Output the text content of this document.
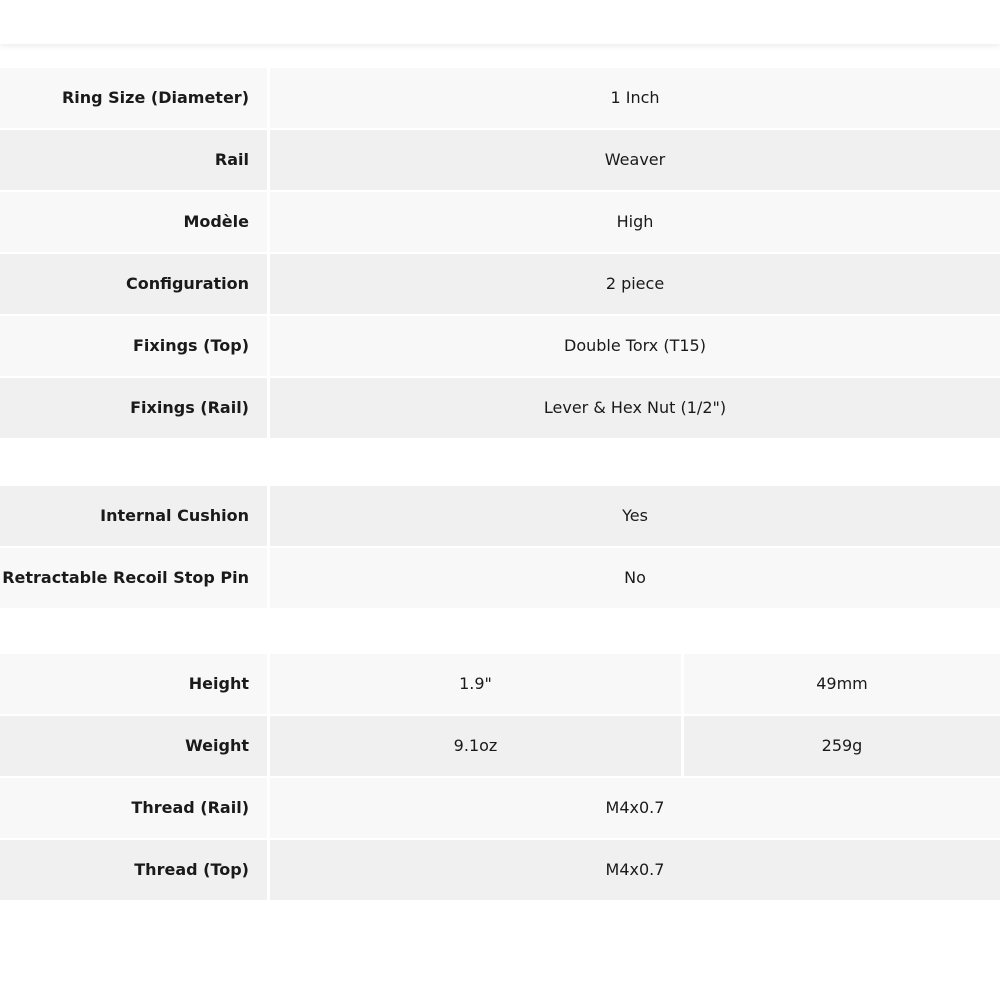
Ring Size (Diameter)	1 Inch
Rail	Weaver
Modèle	High
Configuration	2 piece
Fixings (Top)	Double Torx (T15)
Fixings (Rail)	Lever & Hex Nut (1/2")
Internal Cushion	Yes
Retractable Recoil Stop Pin	No
Height	1.9"	49mm
Weight	9.1oz	259g
Thread (Rail)	M4x0.7
Thread (Top)	M4x0.7
